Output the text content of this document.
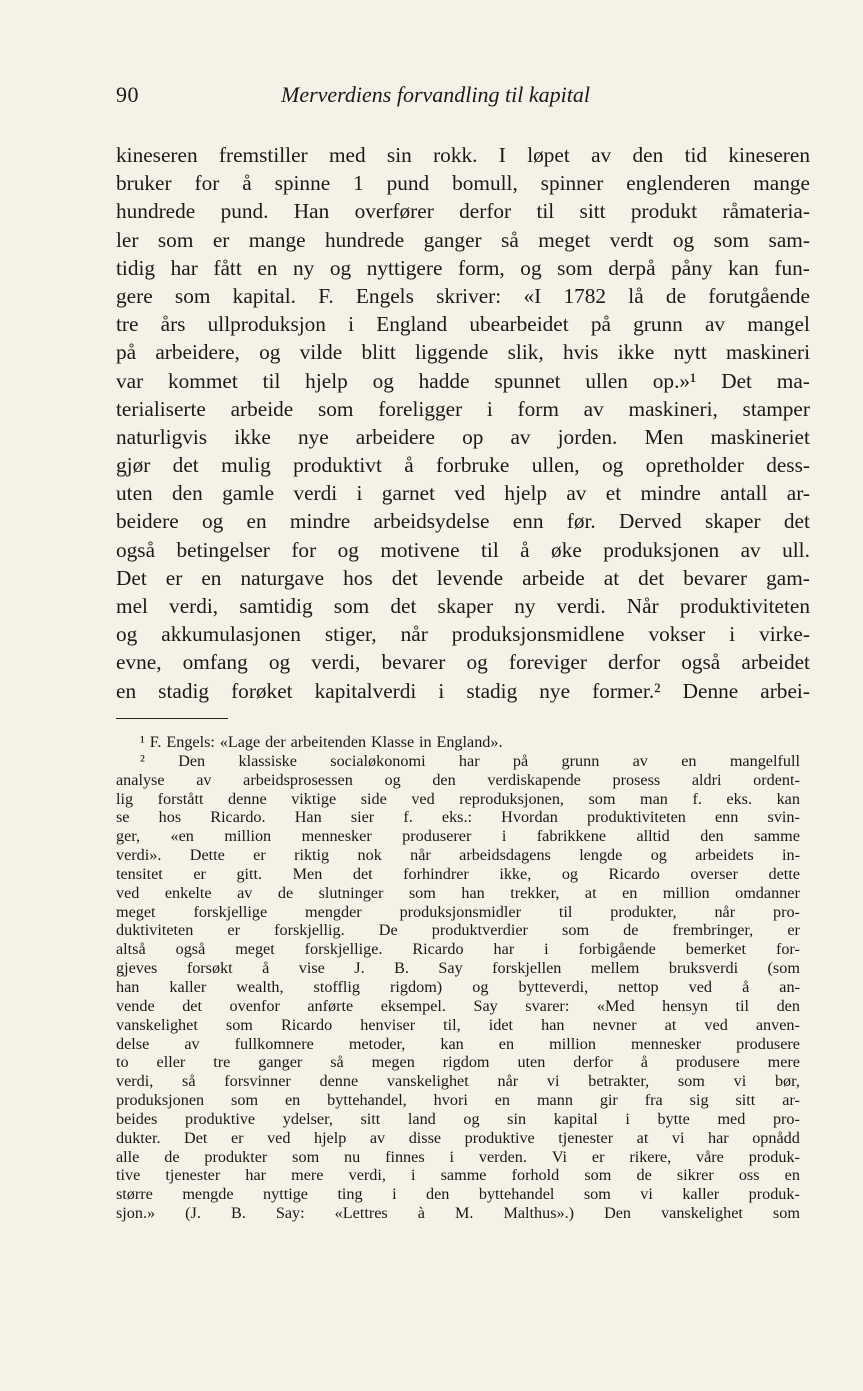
90	Merverdiens forvandling til kapital
kineseren fremstiller med sin rokk. I løpet av den tid kineseren
bruker for å spinne 1 pund bomull, spinner englenderen mange
hundrede pund. Han overfører derfor til sitt produkt råmateria-
ler som er mange hundrede ganger så meget verdt og som sam-
tidig har fått en ny og nyttigere form, og som derpå påny kan fun-
gere som kapital. F. Engels skriver: «I 1782 lå de forutgående
tre års ullproduksjon i England ubearbeidet på grunn av mangel
på arbeidere, og vilde blitt liggende slik, hvis ikke nytt maskineri
var kommet til hjelp og hadde spunnet ullen op.»¹ Det ma-
terialiserte arbeide som foreligger i form av maskineri, stamper
naturligvis ikke nye arbeidere op av jorden. Men maskineriet
gjør det mulig produktivt å forbruke ullen, og opretholder dess-
uten den gamle verdi i garnet ved hjelp av et mindre antall ar-
beidere og en mindre arbeidsydelse enn før. Derved skaper det
også betingelser for og motivene til å øke produksjonen av ull.
Det er en naturgave hos det levende arbeide at det bevarer gam-
mel verdi, samtidig som det skaper ny verdi. Når produktiviteten
og akkumulasjonen stiger, når produksjonsmidlene vokser i virke-
evne, omfang og verdi, bevarer og foreviger derfor også arbeidet
en stadig forøket kapitalverdi i stadig nye former.² Denne arbei-
¹ F. Engels: «Lage der arbeitenden Klasse in England».
² Den klassiske socialøkonomi har på grunn av en mangelfull
analyse av arbeidsprosessen og den verdiskapende prosess aldri ordent-
lig forstått denne viktige side ved reproduksjonen, som man f. eks. kan
se hos Ricardo. Han sier f. eks.: Hvordan produktiviteten enn svin-
ger, «en million mennesker produserer i fabrikkene alltid den samme
verdi». Dette er riktig nok når arbeidsdagens lengde og arbeidets in-
tensitet er gitt. Men det forhindrer ikke, og Ricardo overser dette
ved enkelte av de slutninger som han trekker, at en million omdanner
meget forskjellige mengder produksjonsmidler til produkter, når pro-
duktiviteten er forskjellig. De produktverdier som de frembringer, er
altså også meget forskjellige. Ricardo har i forbigående bemerket for-
gjeves forsøkt å vise J. B. Say forskjellen mellem bruksverdi (som
han kaller wealth, stofflig rigdom) og bytteverdi, nettop ved å an-
vende det ovenfor anførte eksempel. Say svarer: «Med hensyn til den
vanskelighet som Ricardo henviser til, idet han nevner at ved anven-
delse av fullkomnere metoder, kan en million mennesker produsere
to eller tre ganger så megen rigdom uten derfor å produsere mere
verdi, så forsvinner denne vanskelighet når vi betrakter, som vi bør,
produksjonen som en byttehandel, hvori en mann gir fra sig sitt ar-
beides produktive ydelser, sitt land og sin kapital i bytte med pro-
dukter. Det er ved hjelp av disse produktive tjenester at vi har opnådd
alle de produkter som nu finnes i verden. Vi er rikere, våre produk-
tive tjenester har mere verdi, i samme forhold som de sikrer oss en
større mengde nyttige ting i den byttehandel som vi kaller produk-
sjon.» (J. B. Say: «Lettres à M. Malthus».) Den vanskelighet som
